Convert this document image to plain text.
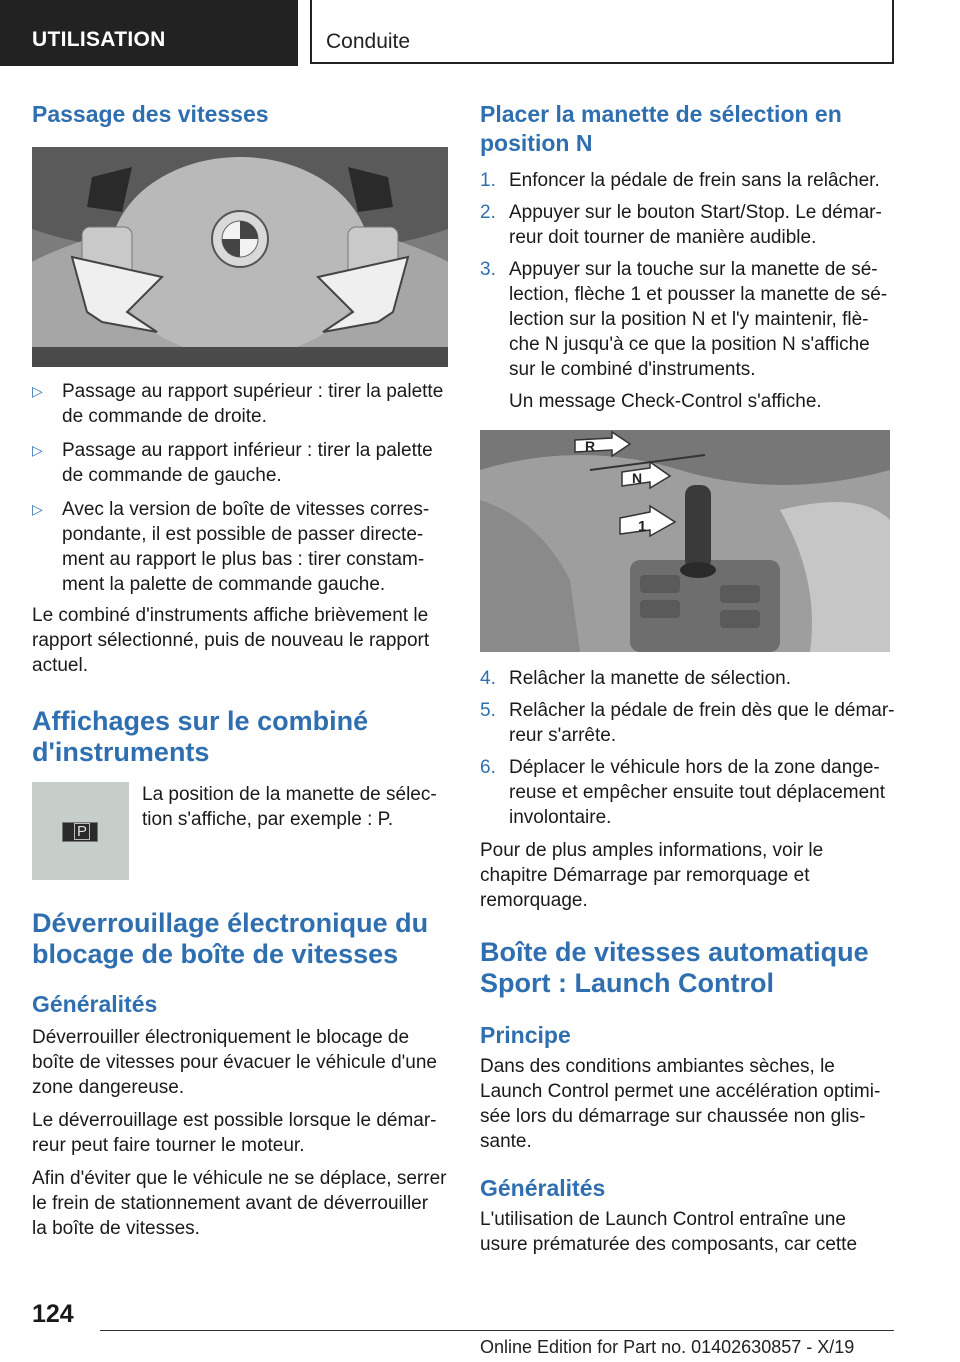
UTILISATION	Conduite
Passage des vitesses
▷ Passage au rapport supérieur : tirer la palette de commande de droite.
▷ Passage au rapport inférieur : tirer la palette de commande de gauche.
▷ Avec la version de boîte de vitesses corres-pondante, il est possible de passer directe-ment au rapport le plus bas : tirer constam-ment la palette de commande gauche.

Le combiné d'instruments affiche brièvement le rapport sélectionné, puis de nouveau le rapport actuel.

Affichages sur le combiné d'instruments
P

La position de la manette de sélec-tion s'affiche, par exemple : P.

Déverrouillage électronique du blocage de boîte de vitesses
Généralités

Déverrouiller électroniquement le blocage de boîte de vitesses pour évacuer le véhicule d'une zone dangereuse.

Le déverrouillage est possible lorsque le démar-reur peut faire tourner le moteur.

Afin d'éviter que le véhicule ne se déplace, serrer le frein de stationnement avant de déverrouiller la boîte de vitesses.

Placer la manette de sélection en position N
1. Enfoncer la pédale de frein sans la relâcher.
2. Appuyer sur le bouton Start/Stop. Le démar-reur doit tourner de manière audible.
3. Appuyer sur la touche sur la manette de sé-lection, flèche 1 et pousser la manette de sé-lection sur la position N et l'y maintenir, flè-che N jusqu'à ce que la position N s'affiche sur le combiné d'instruments.

Un message Check-Control s'affiche.

R
N
1
4. Relâcher la manette de sélection.
5. Relâcher la pédale de frein dès que le démar-reur s'arrête.
6. Déplacer le véhicule hors de la zone dange-reuse et empêcher ensuite tout déplacement involontaire.

Pour de plus amples informations, voir le chapitre Démarrage par remorquage et remorquage.

Boîte de vitesses automatique Sport : Launch Control
Principe

Dans des conditions ambiantes sèches, le Launch Control permet une accélération optimi-sée lors du démarrage sur chaussée non glis-sante.

Généralités

L'utilisation de Launch Control entraîne une usure prématurée des composants, car cette

124
Online Edition for Part no. 01402630857 - X/19
